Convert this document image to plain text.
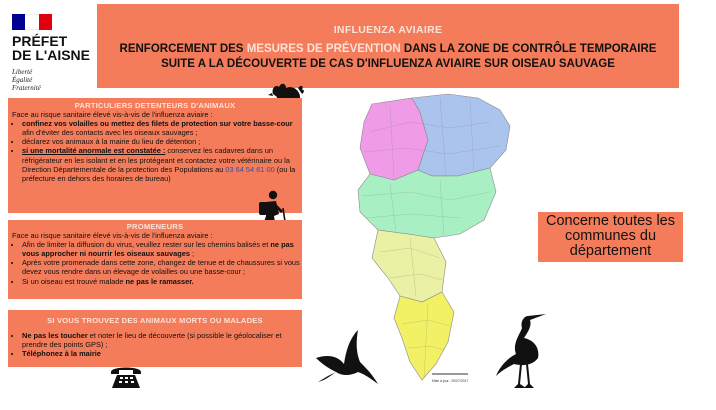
PRÉFET
DE L'AISNE
Liberté
Égalité
Fraternité
INFLUENZA AVIAIRE
RENFORCEMENT DES MESURES DE PRÉVENTION DANS LA ZONE DE CONTRÔLE TEMPORAIRE
SUITE A LA DÉCOUVERTE DE CAS D'INFLUENZA AVIAIRE SUR OISEAU SAUVAGE
PARTICULIERS DETENTEURS D'ANIMAUX

Face au risque sanitaire élevé vis-à-vis de l'influenza aviaire :

• confinez vos volailles ou mettez des filets de protection sur votre basse-cour afin d'éviter des contacts avec les oiseaux sauvages ;
• déclarez vos animaux à la mairie du lieu de détention ;
• si une mortalité anormale est constatée : conservez les cadavres dans un réfrigérateur en les isolant et en les protégeant et contactez votre vétérinaire ou la Direction Départementale de la protection des Populations au 03 64 54 61 00 (ou la préfecture en dehors des horaires de bureau)
PROMENEURS

Face au risque sanitaire élevé vis-à-vis de l'influenza aviaire :

• Afin de limiter la diffusion du virus, veuillez rester sur les chemins balisés et ne pas vous approcher ni nourrir les oiseaux sauvages ;
• Après votre promenade dans cette zone, changez de tenue et de chaussures si vous devez vous rendre dans un élevage de volailles ou une basse-cour ;
• Si un oiseau est trouvé malade ne pas le ramasser.
SI VOUS TROUVEZ DES ANIMAUX MORTS OU MALADES
• Ne pas les toucher et noter le lieu de découverte (si possible le géolocaliser et prendre des points GPS) ;
• Téléphonez à la mairie
Mise à jour : 20/07/2017
Concerne toutes les communes du département
